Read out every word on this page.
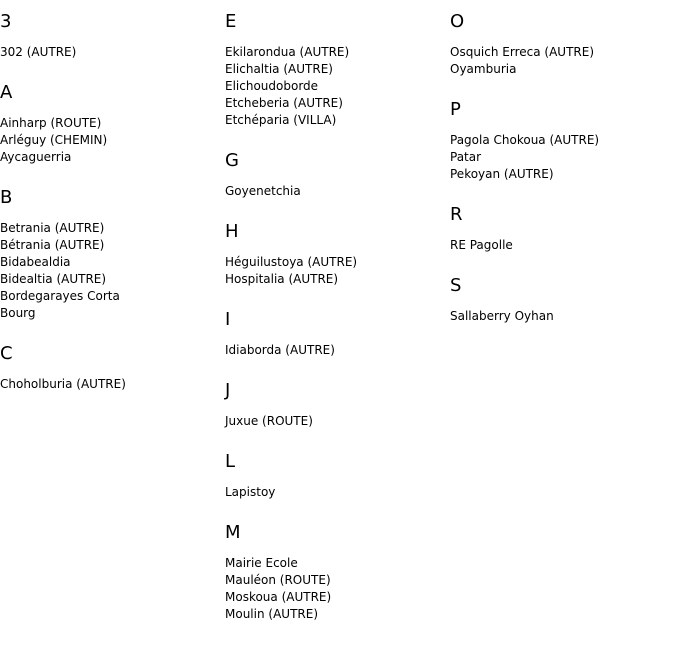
3
302 (AUTRE)
A
Ainharp (ROUTE)
Arléguy (CHEMIN)
Aycaguerria
B
Betrania (AUTRE)
Bétrania (AUTRE)
Bidabealdia
Bidealtia (AUTRE)
Bordegarayes Corta
Bourg
C
Choholburia (AUTRE)
E
Ekilarondua (AUTRE)
Elichaltia (AUTRE)
Elichoudoborde
Etcheberia (AUTRE)
Etchéparia (VILLA)
G
Goyenetchia
H
Héguilustoya (AUTRE)
Hospitalia (AUTRE)
I
Idiaborda (AUTRE)
J
Juxue (ROUTE)
L
Lapistoy
M
Mairie Ecole
Mauléon (ROUTE)
Moskoua (AUTRE)
Moulin (AUTRE)
O
Osquich Erreca (AUTRE)
Oyamburia
P
Pagola Chokoua (AUTRE)
Patar
Pekoyan (AUTRE)
R
RE Pagolle
S
Sallaberry Oyhan
